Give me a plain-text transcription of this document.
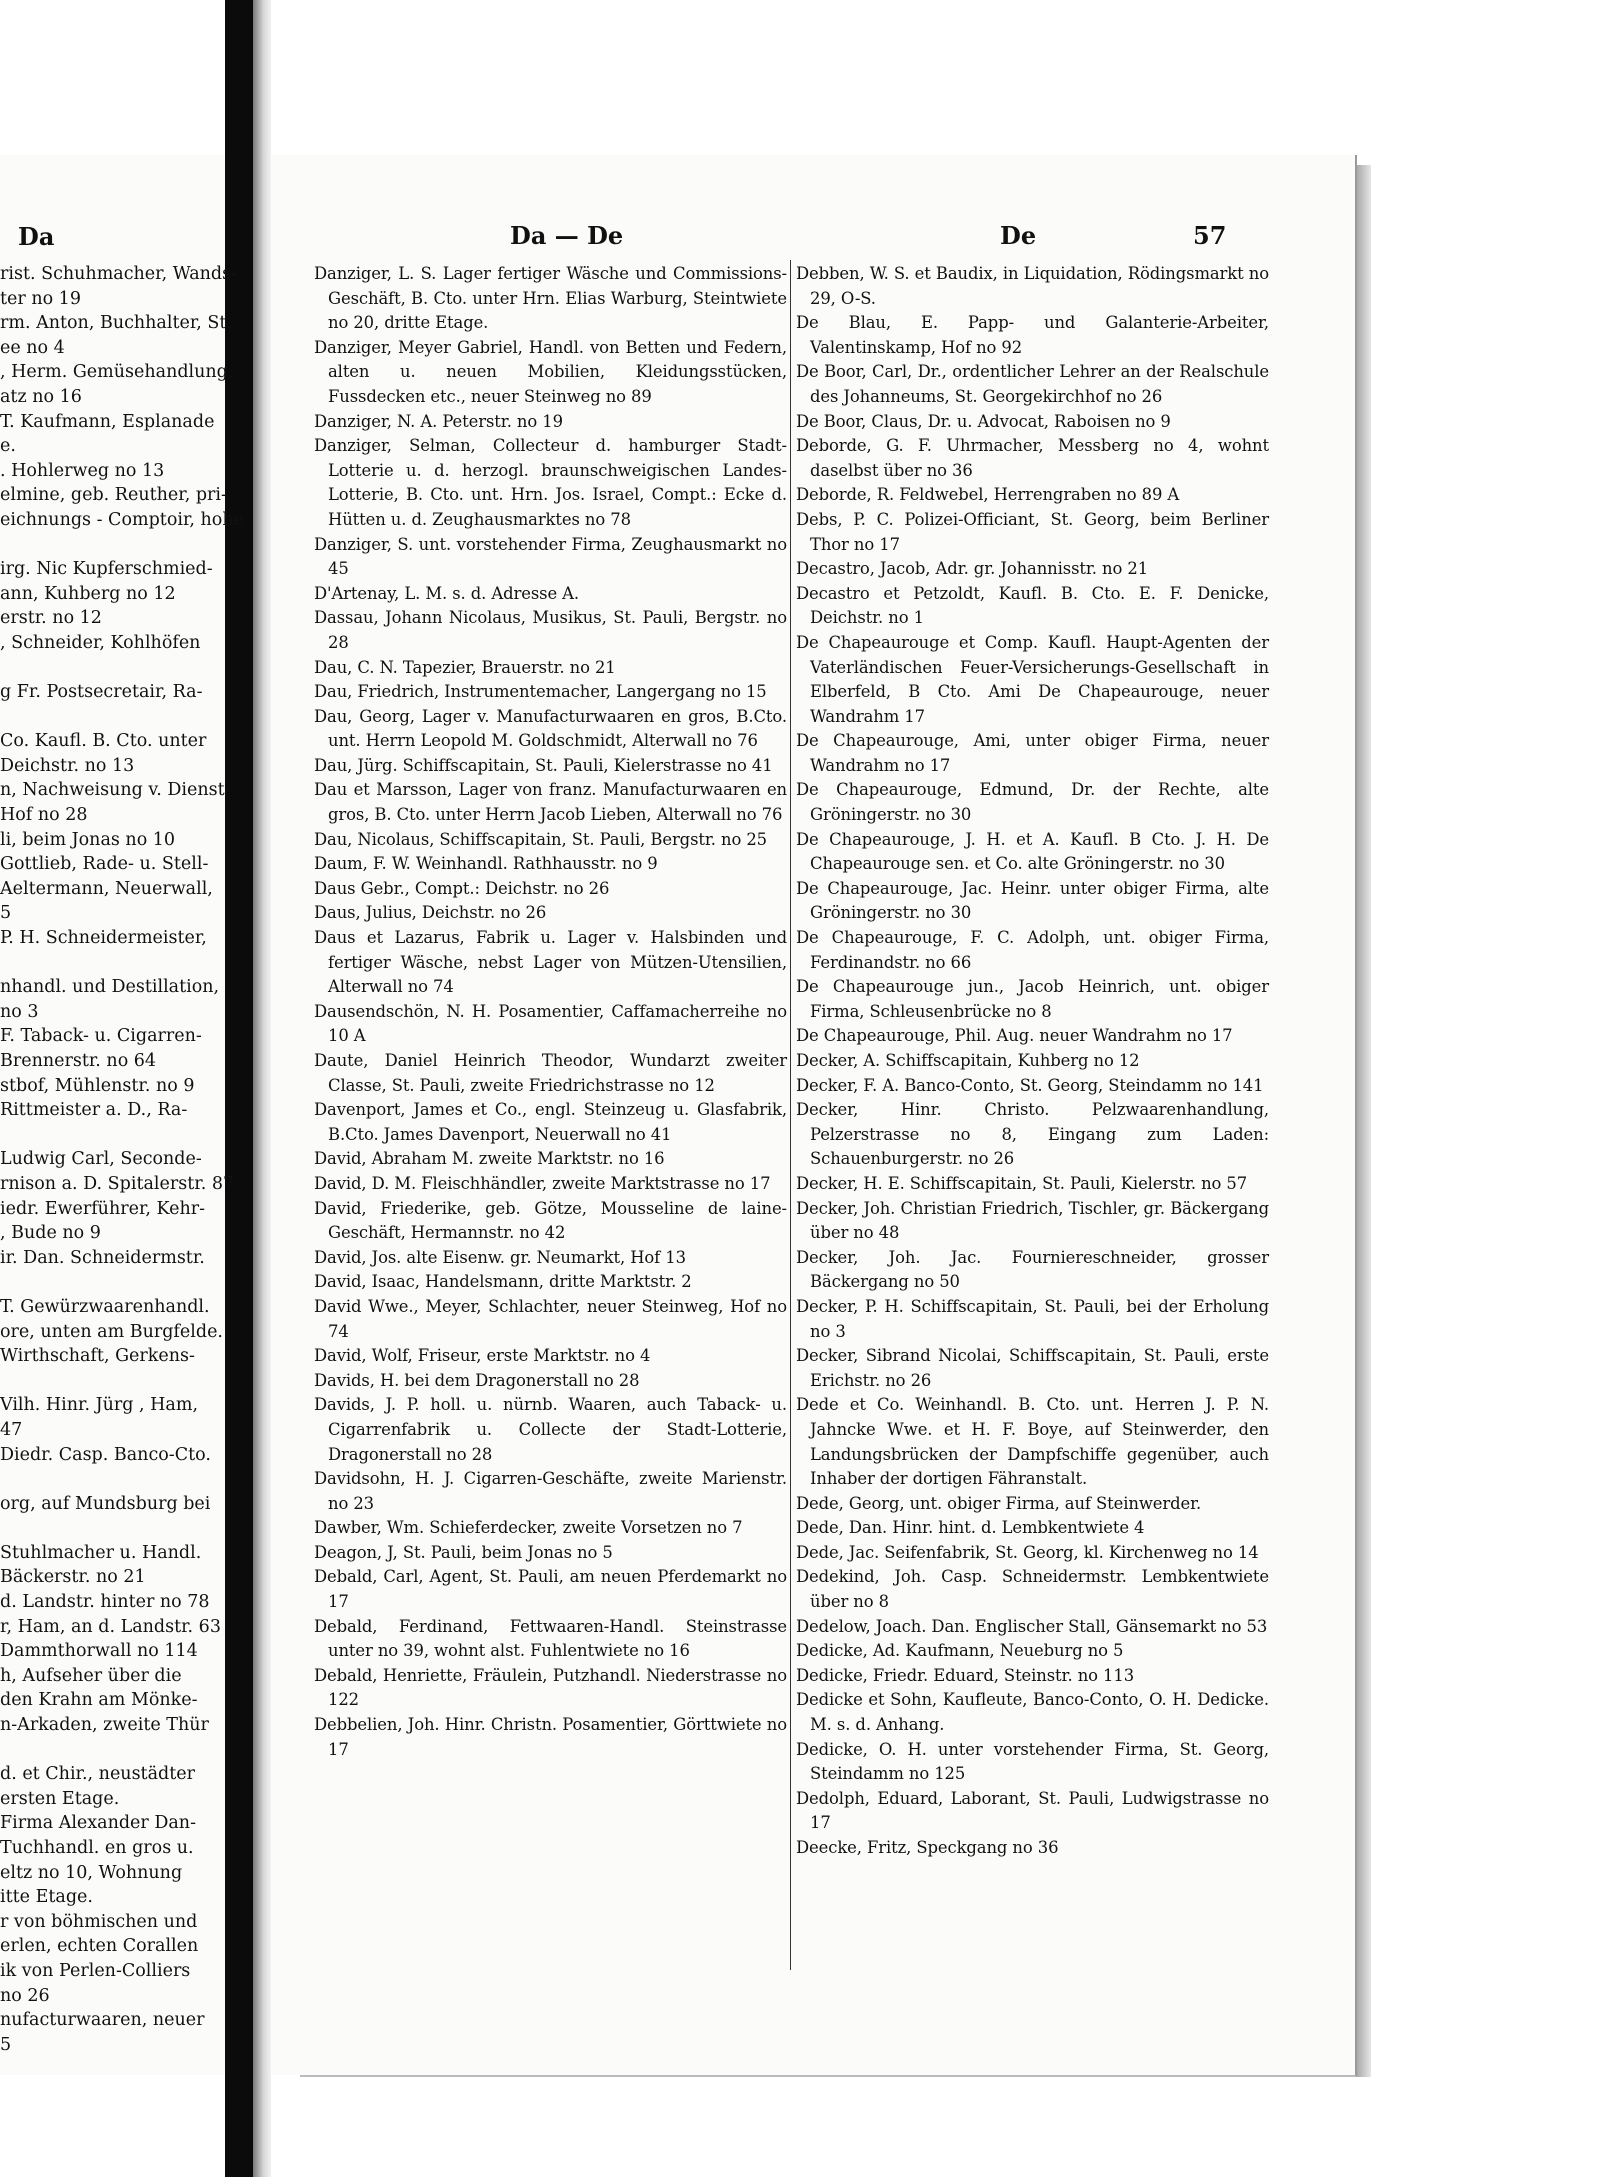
Da
rist. Schuhmacher, Wands-
ter no 19
rm. Anton, Buchhalter, St.
ee no 4
, Herm. Gemüsehandlung,
atz no 16
T. Kaufmann, Esplanade
e.
. Hohlerweg no 13
elmine, geb. Reuther, pri-
eichnungs - Comptoir, hohe

irg. Nic Kupferschmied-
ann, Kuhberg no 12
erstr. no 12
, Schneider, Kohlhöfen

g Fr. Postsecretair, Ra-

Co. Kaufl. B. Cto. unter
Deichstr. no 13
n, Nachweisung v. Dienst-
Hof no 28
li, beim Jonas no 10
Gottlieb, Rade- u. Stell-
Aeltermann, Neuerwall,
5
P. H. Schneidermeister,

nhandl. und Destillation,
no 3
F. Taback- u. Cigarren-
Brennerstr. no 64
stbof, Mühlenstr. no 9
Rittmeister a. D., Ra-

Ludwig Carl, Seconde-
rnison a. D. Spitalerstr. 87
iedr. Ewerführer, Kehr-
, Bude no 9
ir. Dan. Schneidermstr.

T. Gewürzwaarenhandl.
ore, unten am Burgfelde.
Wirthschaft, Gerkens-

Vilh. Hinr. Jürg , Ham,
47
Diedr. Casp. Banco-Cto.

org, auf Mundsburg bei

Stuhlmacher u. Handl.
Bäckerstr. no 21
d. Landstr. hinter no 78
r, Ham, an d. Landstr. 63
Dammthorwall no 114
h, Aufseher über die
den Krahn am Mönke-
n-Arkaden, zweite Thür

d. et Chir., neustädter
ersten Etage.
Firma Alexander Dan-
Tuchhandl. en gros u.
eltz no 10, Wohnung
itte Etage.
r von böhmischen und
erlen, echten Corallen
ik von Perlen-Colliers
no 26
nufacturwaaren, neuer
5
Da — De	De	57
Danziger, L. S. Lager fertiger Wäsche und Commissions-Geschäft, B. Cto. unter Hrn. Elias Warburg, Steintwiete no 20, dritte Etage.
Danziger, Meyer Gabriel, Handl. von Betten und Federn, alten u. neuen Mobilien, Kleidungsstücken, Fussdecken etc., neuer Steinweg no 89
Danziger, N. A. Peterstr. no 19
Danziger, Selman, Collecteur d. hamburger Stadt-Lotterie u. d. herzogl. braunschweigischen Landes-Lotterie, B. Cto. unt. Hrn. Jos. Israel, Compt.: Ecke d. Hütten u. d. Zeughausmarktes no 78
Danziger, S. unt. vorstehender Firma, Zeughausmarkt no 45
D'Artenay, L. M. s. d. Adresse A.
Dassau, Johann Nicolaus, Musikus, St. Pauli, Bergstr. no 28
Dau, C. N. Tapezier, Brauerstr. no 21
Dau, Friedrich, Instrumentemacher, Langergang no 15
Dau, Georg, Lager v. Manufacturwaaren en gros, B.Cto. unt. Herrn Leopold M. Goldschmidt, Alterwall no 76
Dau, Jürg. Schiffscapitain, St. Pauli, Kielerstrasse no 41
Dau et Marsson, Lager von franz. Manufacturwaaren en gros, B. Cto. unter Herrn Jacob Lieben, Alterwall no 76
Dau, Nicolaus, Schiffscapitain, St. Pauli, Bergstr. no 25
Daum, F. W. Weinhandl. Rathhausstr. no 9
Daus Gebr., Compt.: Deichstr. no 26
Daus, Julius, Deichstr. no 26
Daus et Lazarus, Fabrik u. Lager v. Halsbinden und fertiger Wäsche, nebst Lager von Mützen-Utensilien, Alterwall no 74
Dausendschön, N. H. Posamentier, Caffamacherreihe no 10 A
Daute, Daniel Heinrich Theodor, Wundarzt zweiter Classe, St. Pauli, zweite Friedrichstrasse no 12
Davenport, James et Co., engl. Steinzeug u. Glasfabrik, B.Cto. James Davenport, Neuerwall no 41
David, Abraham M. zweite Marktstr. no 16
David, D. M. Fleischhändler, zweite Marktstrasse no 17
David, Friederike, geb. Götze, Mousseline de laine-Geschäft, Hermannstr. no 42
David, Jos. alte Eisenw. gr. Neumarkt, Hof 13
David, Isaac, Handelsmann, dritte Marktstr. 2
David Wwe., Meyer, Schlachter, neuer Steinweg, Hof no 74
David, Wolf, Friseur, erste Marktstr. no 4
Davids, H. bei dem Dragonerstall no 28
Davids, J. P. holl. u. nürnb. Waaren, auch Taback- u. Cigarrenfabrik u. Collecte der Stadt-Lotterie, Dragonerstall no 28
Davidsohn, H. J. Cigarren-Geschäfte, zweite Marienstr. no 23
Dawber, Wm. Schieferdecker, zweite Vorsetzen no 7
Deagon, J, St. Pauli, beim Jonas no 5
Debald, Carl, Agent, St. Pauli, am neuen Pferdemarkt no 17
Debald, Ferdinand, Fettwaaren-Handl. Steinstrasse unter no 39, wohnt alst. Fuhlentwiete no 16
Debald, Henriette, Fräulein, Putzhandl. Niederstrasse no 122
Debbelien, Joh. Hinr. Christn. Posamentier, Görttwiete no 17
Debben, W. S. et Baudix, in Liquidation, Rödingsmarkt no 29, O-S.
De Blau, E. Papp- und Galanterie-Arbeiter, Valentinskamp, Hof no 92
De Boor, Carl, Dr., ordentlicher Lehrer an der Realschule des Johanneums, St. Georgekirchhof no 26
De Boor, Claus, Dr. u. Advocat, Raboisen no 9
Deborde, G. F. Uhrmacher, Messberg no 4, wohnt daselbst über no 36
Deborde, R. Feldwebel, Herrengraben no 89 A
Debs, P. C. Polizei-Officiant, St. Georg, beim Berliner Thor no 17
Decastro, Jacob, Adr. gr. Johannisstr. no 21
Decastro et Petzoldt, Kaufl. B. Cto. E. F. Denicke, Deichstr. no 1
De Chapeaurouge et Comp. Kaufl. Haupt-Agenten der Vaterländischen Feuer-Versicherungs-Gesellschaft in Elberfeld, B Cto. Ami De Chapeaurouge, neuer Wandrahm 17
De Chapeaurouge, Ami, unter obiger Firma, neuer Wandrahm no 17
De Chapeaurouge, Edmund, Dr. der Rechte, alte Gröningerstr. no 30
De Chapeaurouge, J. H. et A. Kaufl. B Cto. J. H. De Chapeaurouge sen. et Co. alte Gröningerstr. no 30
De Chapeaurouge, Jac. Heinr. unter obiger Firma, alte Gröningerstr. no 30
De Chapeaurouge, F. C. Adolph, unt. obiger Firma, Ferdinandstr. no 66
De Chapeaurouge jun., Jacob Heinrich, unt. obiger Firma, Schleusenbrücke no 8
De Chapeaurouge, Phil. Aug. neuer Wandrahm no 17
Decker, A. Schiffscapitain, Kuhberg no 12
Decker, F. A. Banco-Conto, St. Georg, Steindamm no 141
Decker, Hinr. Christo. Pelzwaarenhandlung, Pelzerstrasse no 8, Eingang zum Laden: Schauenburgerstr. no 26
Decker, H. E. Schiffscapitain, St. Pauli, Kielerstr. no 57
Decker, Joh. Christian Friedrich, Tischler, gr. Bäckergang über no 48
Decker, Joh. Jac. Fourniereschneider, grosser Bäckergang no 50
Decker, P. H. Schiffscapitain, St. Pauli, bei der Erholung no 3
Decker, Sibrand Nicolai, Schiffscapitain, St. Pauli, erste Erichstr. no 26
Dede et Co. Weinhandl. B. Cto. unt. Herren J. P. N. Jahncke Wwe. et H. F. Boye, auf Steinwerder, den Landungsbrücken der Dampfschiffe gegenüber, auch Inhaber der dortigen Fähranstalt.
Dede, Georg, unt. obiger Firma, auf Steinwerder.
Dede, Dan. Hinr. hint. d. Lembkentwiete 4
Dede, Jac. Seifenfabrik, St. Georg, kl. Kirchenweg no 14
Dedekind, Joh. Casp. Schneidermstr. Lembkentwiete über no 8
Dedelow, Joach. Dan. Englischer Stall, Gänsemarkt no 53
Dedicke, Ad. Kaufmann, Neueburg no 5
Dedicke, Friedr. Eduard, Steinstr. no 113
Dedicke et Sohn, Kaufleute, Banco-Conto, O. H. Dedicke. M. s. d. Anhang.
Dedicke, O. H. unter vorstehender Firma, St. Georg, Steindamm no 125
Dedolph, Eduard, Laborant, St. Pauli, Ludwigstrasse no 17
Deecke, Fritz, Speckgang no 36
